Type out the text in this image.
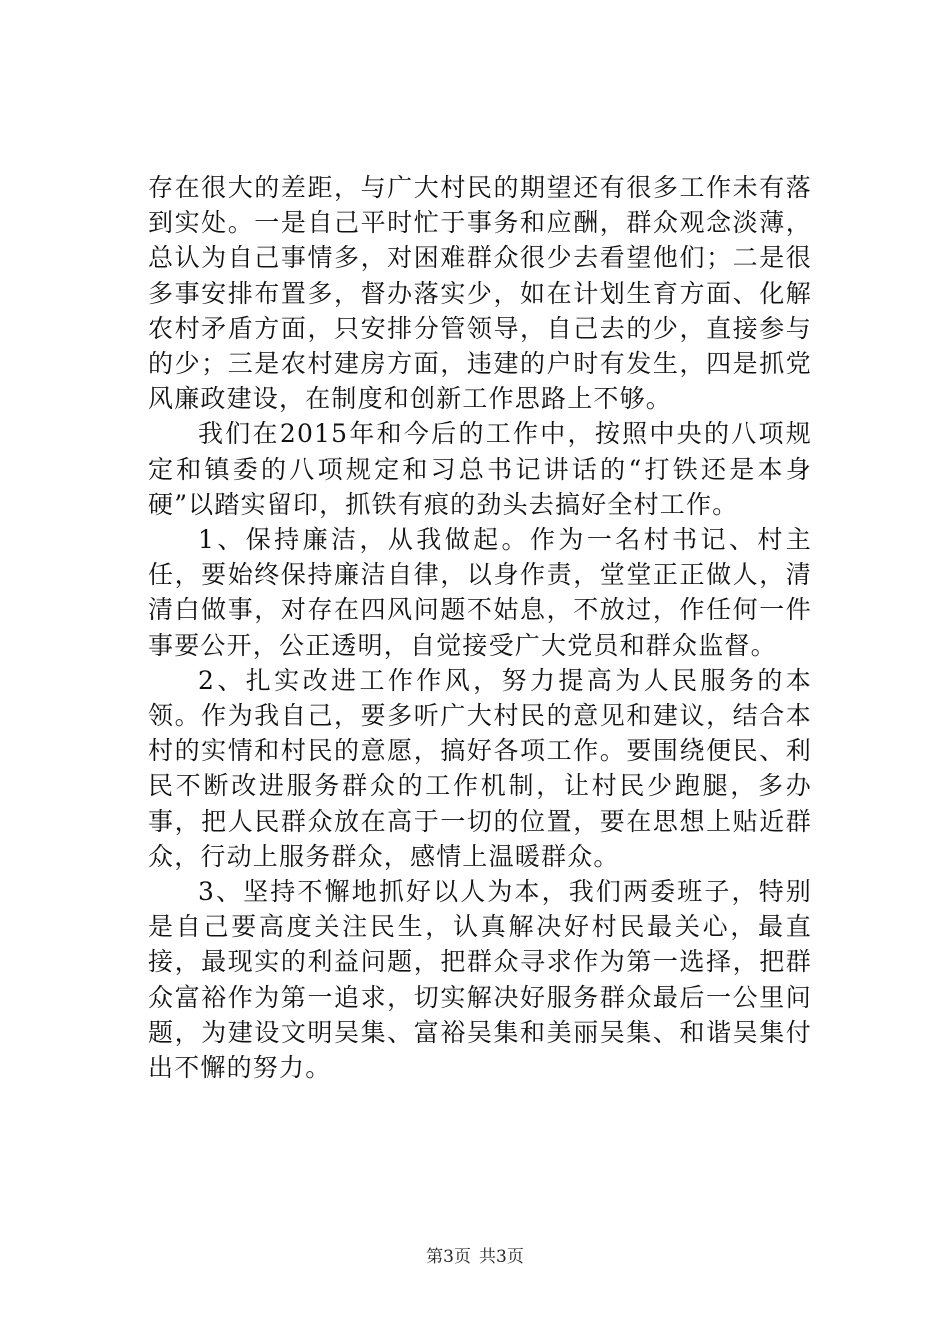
存在很大的差距，与广大村民的期望还有很多工作未有落到实处。一是自己平时忙于事务和应酬，群众观念淡薄，总认为自己事情多，对困难群众很少去看望他们；二是很多事安排布置多，督办落实少，如在计划生育方面、化解农村矛盾方面，只安排分管领导，自己去的少，直接参与的少；三是农村建房方面，违建的户时有发生，四是抓党风廉政建设，在制度和创新工作思路上不够。

我们在2015年和今后的工作中，按照中央的八项规定和镇委的八项规定和习总书记讲话的“打铁还是本身硬”以踏实留印，抓铁有痕的劲头去搞好全村工作。

1、保持廉洁，从我做起。作为一名村书记、村主任，要始终保持廉洁自律，以身作责，堂堂正正做人，清清白做事，对存在四风问题不姑息，不放过，作任何一件事要公开，公正透明，自觉接受广大党员和群众监督。

2、扎实改进工作作风，努力提高为人民服务的本领。作为我自己，要多听广大村民的意见和建议，结合本村的实情和村民的意愿，搞好各项工作。要围绕便民、利民不断改进服务群众的工作机制，让村民少跑腿，多办事，把人民群众放在高于一切的位置，要在思想上贴近群众，行动上服务群众，感情上温暖群众。

3、坚持不懈地抓好以人为本，我们两委班子，特别是自己要高度关注民生，认真解决好村民最关心，最直接，最现实的利益问题，把群众寻求作为第一选择，把群众富裕作为第一追求，切实解决好服务群众最后一公里问题，为建设文明吴集、富裕吴集和美丽吴集、和谐吴集付出不懈的努力。

第3页 共3页
